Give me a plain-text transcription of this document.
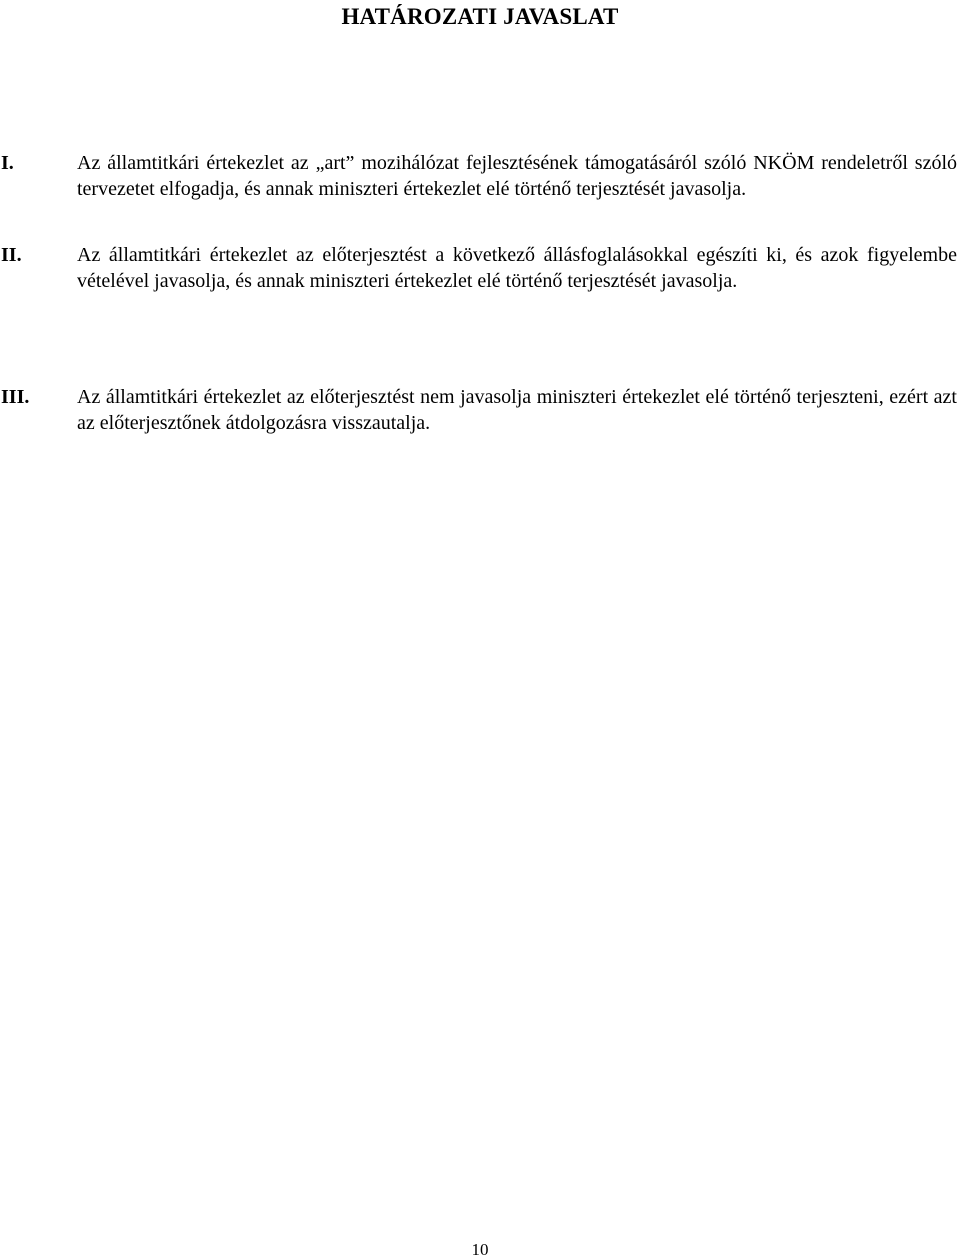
HATÁROZATI JAVASLAT
I.	Az államtitkári értekezlet az „art” mozihálózat fejlesztésének támogatásáról szóló NKÖM rendeletről szóló tervezetet elfogadja, és annak miniszteri értekezlet elé történő terjesztését javasolja.

II.	Az államtitkári értekezlet az előterjesztést a következő állásfoglalásokkal egészíti ki, és azok figyelembe vételével javasolja, és annak miniszteri értekezlet elé történő terjesztését javasolja.

III. Az államtitkári értekezlet az előterjesztést nem javasolja miniszteri értekezlet elé történő terjeszteni, ezért azt az előterjesztőnek átdolgozásra visszautalja.

10
